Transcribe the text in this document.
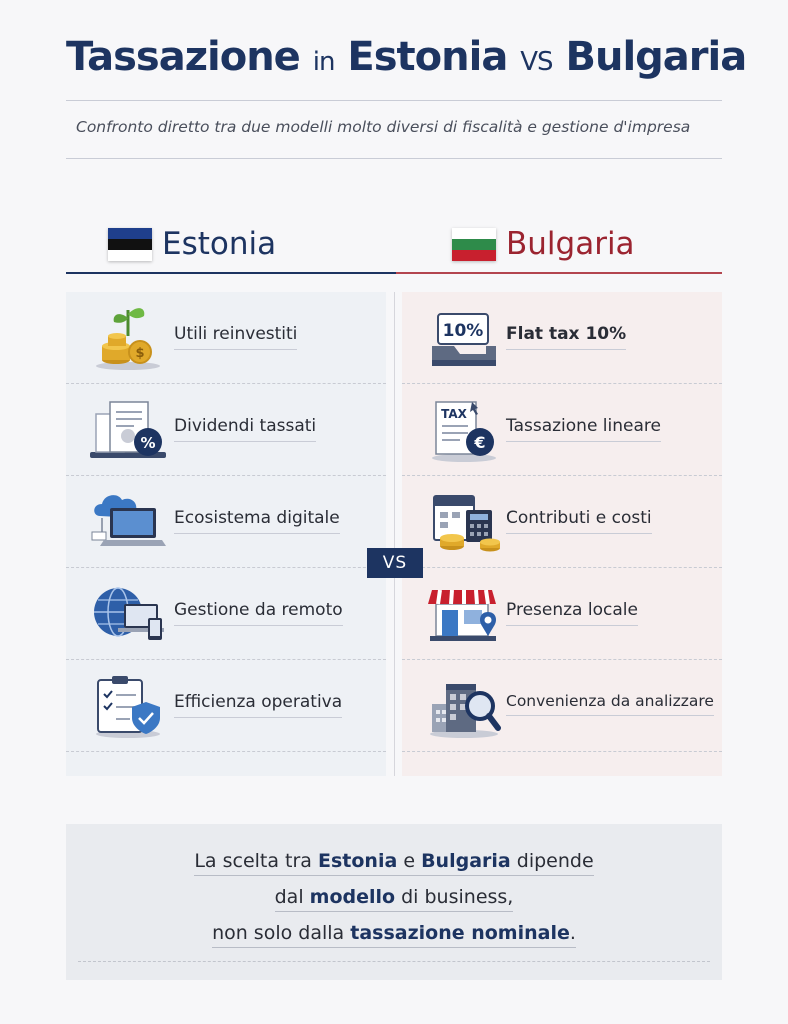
Tassazione in Estonia VS Bulgaria
Confronto diretto tra due modelli molto diversi di fiscalità e gestione d'impresa
Estonia	Bulgaria
$
Utili reinvestiti
%
Dividendi tassati
Ecosistema digitale
Gestione da remoto
Efficienza operativa
10% Flat tax 10%
TAX
€
Tassazione lineare
Contributi e costi
Presenza locale
Convenienza da analizzare
VS
La scelta tra Estonia e Bulgaria dipende
dal modello di business,
non solo dalla tassazione nominale.
